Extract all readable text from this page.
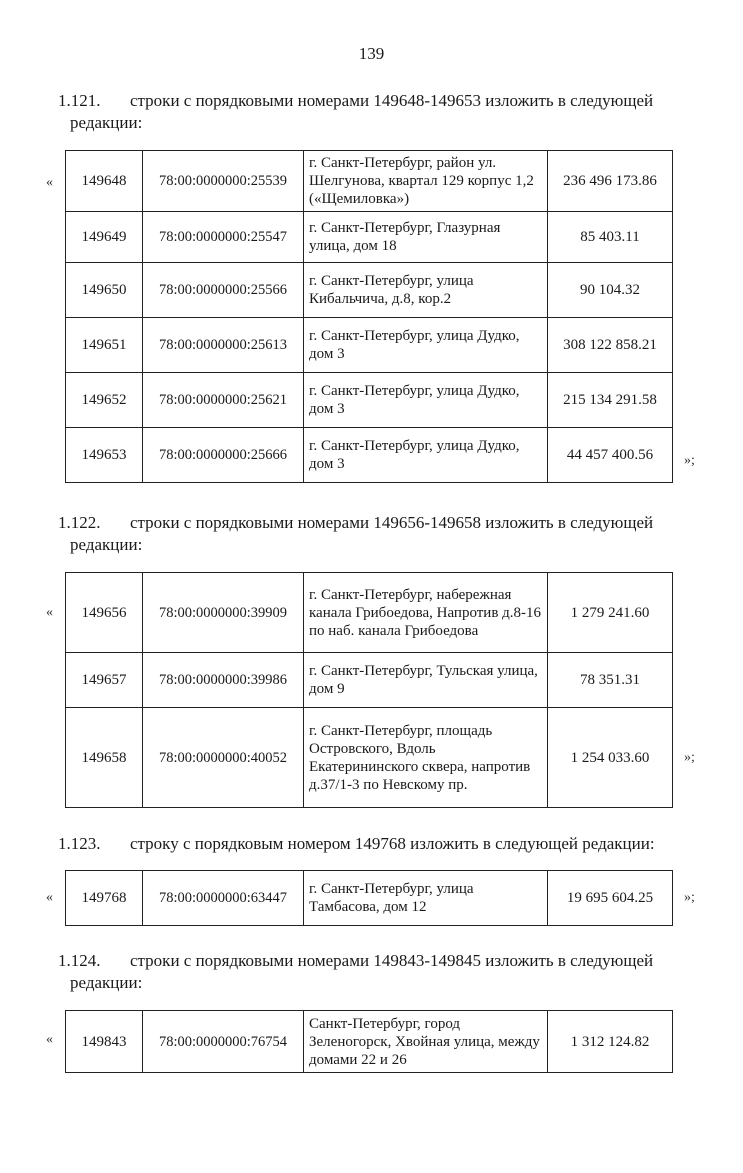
139
1.121. строки с порядковыми номерами 149648-149653 изложить в следующей
редакции:
« 149648	78:00:0000000:25539	г. Санкт-Петербург, район ул. Шелгунова, квартал 129 корпус 1,2 («Щемиловка»)	236 496 173.86
149649	78:00:0000000:25547	г. Санкт-Петербург, Глазурная улица, дом 18	85 403.11
149650	78:00:0000000:25566	г. Санкт-Петербург, улица Кибальчича, д.8, кор.2	90 104.32
149651	78:00:0000000:25613	г. Санкт-Петербург, улица Дудко, дом 3	308 122 858.21
149652	78:00:0000000:25621	г. Санкт-Петербург, улица Дудко, дом 3	215 134 291.58
149653	78:00:0000000:25666	г. Санкт-Петербург, улица Дудко, дом 3	44 457 400.56 »;
1.122. строки с порядковыми номерами 149656-149658 изложить в следующей
редакции:
« 149656	78:00:0000000:39909	г. Санкт-Петербург, набережная канала Грибоедова, Напротив д.8-16 по наб. канала Грибоедова	1 279 241.60
149657	78:00:0000000:39986	г. Санкт-Петербург, Тульская улица, дом 9	78 351.31
149658	78:00:0000000:40052	г. Санкт-Петербург, площадь Островского, Вдоль Екатерининского сквера, напротив д.37/1-3 по Невскому пр.	1 254 033.60 »;
1.123. строку с порядковым номером 149768 изложить в следующей редакции:
« 149768	78:00:0000000:63447	г. Санкт-Петербург, улица Тамбасова, дом 12	19 695 604.25 »;
1.124. строки с порядковыми номерами 149843-149845 изложить в следующей
редакции:
« 149843	78:00:0000000:76754	Санкт-Петербург, город Зеленогорск, Хвойная улица, между домами 22 и 26	1 312 124.82
